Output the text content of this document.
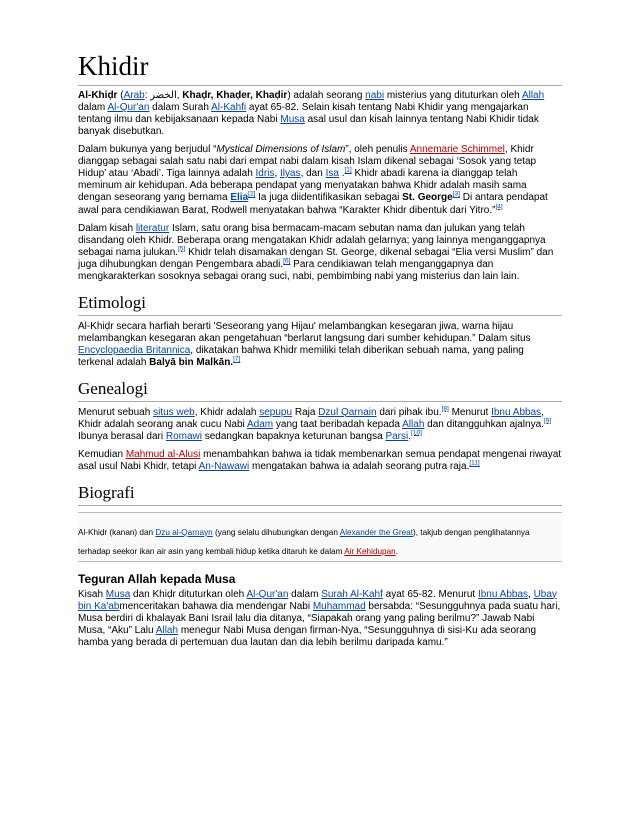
Khidir

Al-Khiḍr (Arab: الخضر, Khaḍr, Khaḍer, Khaḍir) adalah seorang nabi misterius yang dituturkan oleh Allah dalam Al-Qur'an dalam Surah Al-Kahfi ayat 65-82. Selain kisah tentang Nabi Khidir yang mengajarkan tentang ilmu dan kebijaksanaan kepada Nabi Musa asal usul dan kisah lainnya tentang Nabi Khidir tidak banyak disebutkan.

Dalam bukunya yang berjudul “Mystical Dimensions of Islam”, oleh penulis Annemarie Schimmel, Khidr dianggap sebagai salah satu nabi dari empat nabi dalam kisah Islam dikenal sebagai ‘Sosok yang tetap Hidup’ atau ‘Abadi’. Tiga lainnya adalah Idris, Ilyas, dan Isa .[1] Khidr abadi karena ia dianggap telah meminum air kehidupan. Ada beberapa pendapat yang menyatakan bahwa Khidr adalah masih sama dengan seseorang yang bernama Elia[2] Ia juga diidentifikasikan sebagai St. George[3] Di antara pendapat awal para cendikiawan Barat, Rodwell menyatakan bahwa “Karakter Khidr dibentuk dari Yitro.”[4]

Dalam kisah literatur Islam, satu orang bisa bermacam-macam sebutan nama dan julukan yang telah disandang oleh Khidr. Beberapa orang mengatakan Khidr adalah gelarnya; yang lainnya menganggapnya sebagai nama julukan.[5] Khidr telah disamakan dengan St. George, dikenal sebagai “Elia versi Muslim” dan juga dihubungkan dengan Pengembara abadi.[6] Para cendikiawan telah menganggapnya dan mengkarakterkan sosoknya sebagai orang suci, nabi, pembimbing nabi yang misterius dan lain lain.

Etimologi

Al-Khiḍr secara harfiah berarti 'Seseorang yang Hijau' melambangkan kesegaran jiwa, warna hijau melambangkan kesegaran akan pengetahuan “berlarut langsung dari sumber kehidupan.” Dalam situs Encyclopaedia Britannica, dikatakan bahwa Khidr memiliki telah diberikan sebuah nama, yang paling terkenal adalah Balyā bin Malkān.[7]

Genealogi

Menurut sebuah situs web, Khidr adalah sepupu Raja Dzul Qarnain dari pihak ibu.[8] Menurut Ibnu Abbas, Khidr adalah seorang anak cucu Nabi Adam yang taat beribadah kepada Allah dan ditangguhkan ajalnya.[9] Ibunya berasal dari Romawi sedangkan bapaknya keturunan bangsa Parsi.[10]

Kemudian Mahmud al-Alusi menambahkan bahwa ia tidak membenarkan semua pendapat mengenai riwayat asal usul Nabi Khidr, tetapi An-Nawawi mengatakan bahwa ia adalah seorang putra raja.[11]

Biografi
Al-Khiḍr (kanan) dan Dzu al-Qarnayn (yang selalu dihubungkan dengan Alexander the Great), takjub dengan penglihatannya terhadap seekor ikan air asin yang kembali hidup ketika ditaruh ke dalam Air Kehidupan.
Teguran Allah kepada Musa

Kisah Musa dan Khiḍr dituturkan oleh Al-Qur'an dalam Surah Al-Kahf ayat 65-82. Menurut Ibnu Abbas, Ubay bin Ka'abmenceritakan bahawa dia mendengar Nabi Muhammad bersabda: “Sesungguhnya pada suatu hari, Musa berdiri di khalayak Bani Israil lalu dia ditanya, “Siapakah orang yang paling berilmu?” Jawab Nabi Musa, “Aku” Lalu Allah menegur Nabi Musa dengan firman-Nya, “Sesungguhnya di sisi-Ku ada seorang hamba yang berada di pertemuan dua lautan dan dia lebih berilmu daripada kamu.”
